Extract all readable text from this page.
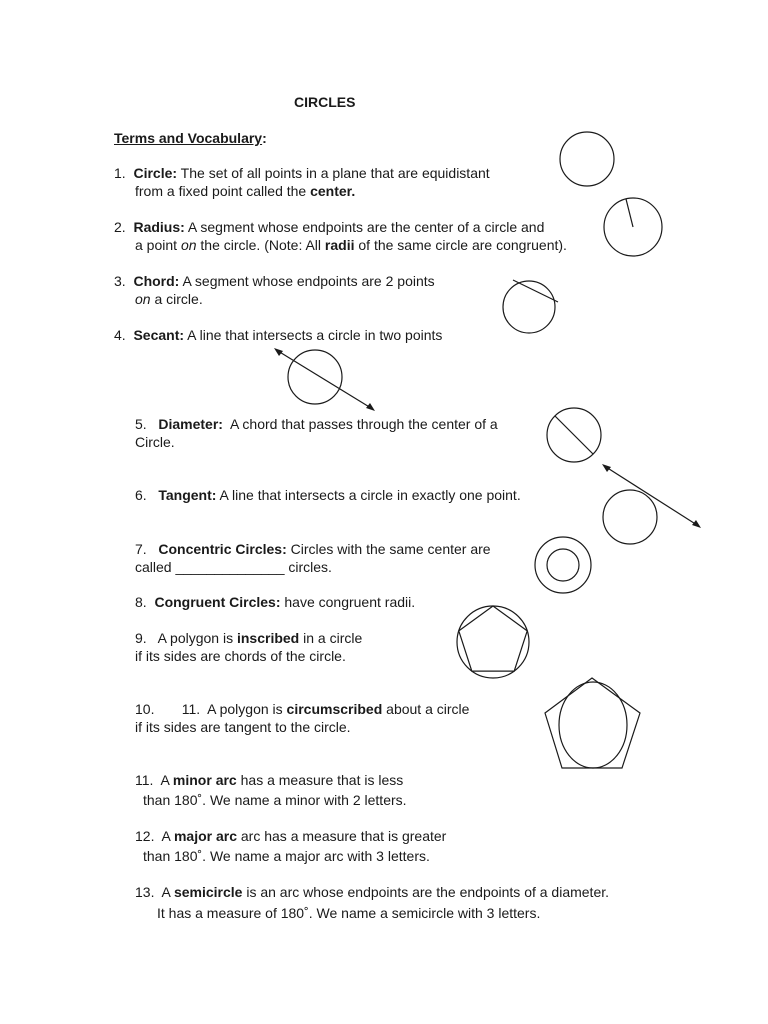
CIRCLES
Terms and Vocabulary:
1. Circle: The set of all points in a plane that are equidistant
from a fixed point called the center.
2. Radius: A segment whose endpoints are the center of a circle and
a point on the circle. (Note: All radii of the same circle are congruent).
3. Chord: A segment whose endpoints are 2 points
on a circle.
4. Secant: A line that intersects a circle in two points
5. Diameter:  A chord that passes through the center of a
Circle.
6. Tangent: A line that intersects a circle in exactly one point.
7. Concentric Circles: Circles with the same center are
called ______________ circles.
8. Congruent Circles: have congruent radii.
9. A polygon is inscribed in a circle
if its sides are chords of the circle.
10. 11. A polygon is circumscribed about a circle
if its sides are tangent to the circle.
11. A minor arc has a measure that is less
than 180˚. We name a minor with 2 letters.
12. A major arc arc has a measure that is greater
than 180˚. We name a major arc with 3 letters.
13. A semicircle is an arc whose endpoints are the endpoints of a diameter.
It has a measure of 180˚. We name a semicircle with 3 letters.
